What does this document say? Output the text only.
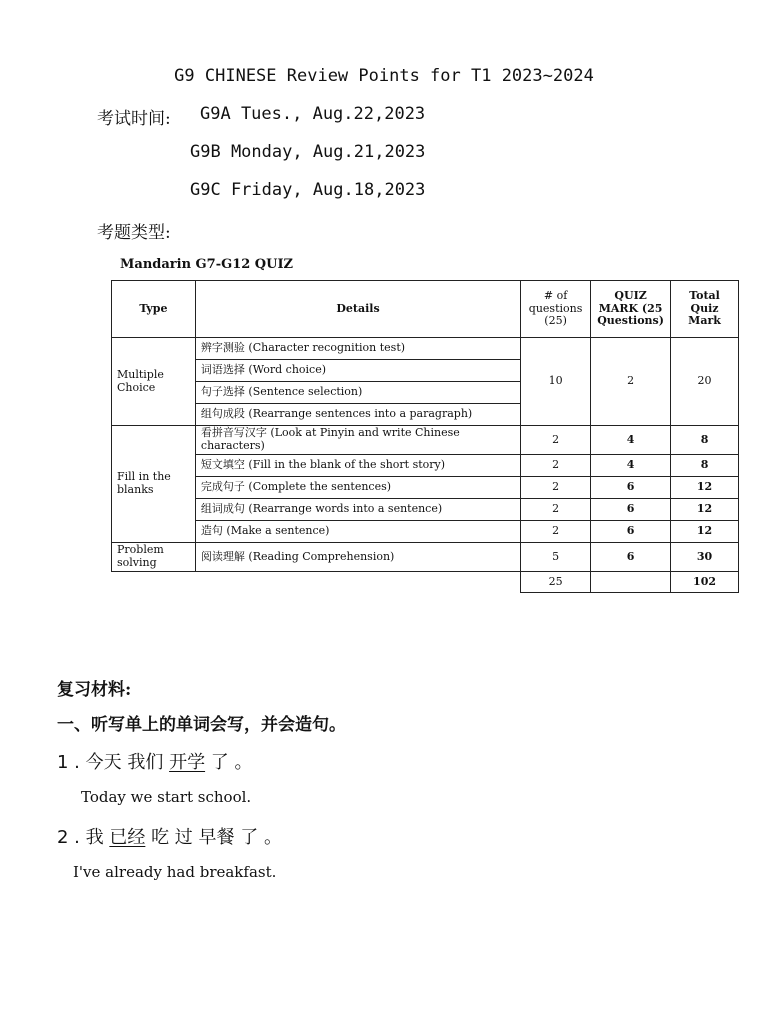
G9 CHINESE Review Points for T1 2023~2024
考试时间: G9A Tues., Aug.22,2023
G9B Monday, Aug.21,2023
G9C Friday, Aug.18,2023
考题类型:
Mandarin G7-G12 QUIZ
Type	Details	# of questions (25)	QUIZ MARK (25 Questions)	Total Quiz Mark
Multiple Choice	辨字测验 (Character recognition test)	10	2	20
	词语选择 (Word choice)			
	句子选择 (Sentence selection)			
	组句成段 (Rearrange sentences into a paragraph)			
Fill in the blanks	看拼音写汉字 (Look at Pinyin and write Chinese characters)	2	4	8
	短文填空 (Fill in the blank of the short story)	2	4	8
	完成句子 (Complete the sentences)	2	6	12
	组词成句 (Rearrange words into a sentence)	2	6	12
	造句 (Make a sentence)	2	6	12
Problem solving	阅读理解 (Reading Comprehension)	5	6	30
		25		102
复习材料:
一、听写单上的单词会写，并会造句。
1 . 今天 我们 开学 了 。
Today we start school.
2 . 我 已经 吃 过 早餐 了 。
I've already had breakfast.
